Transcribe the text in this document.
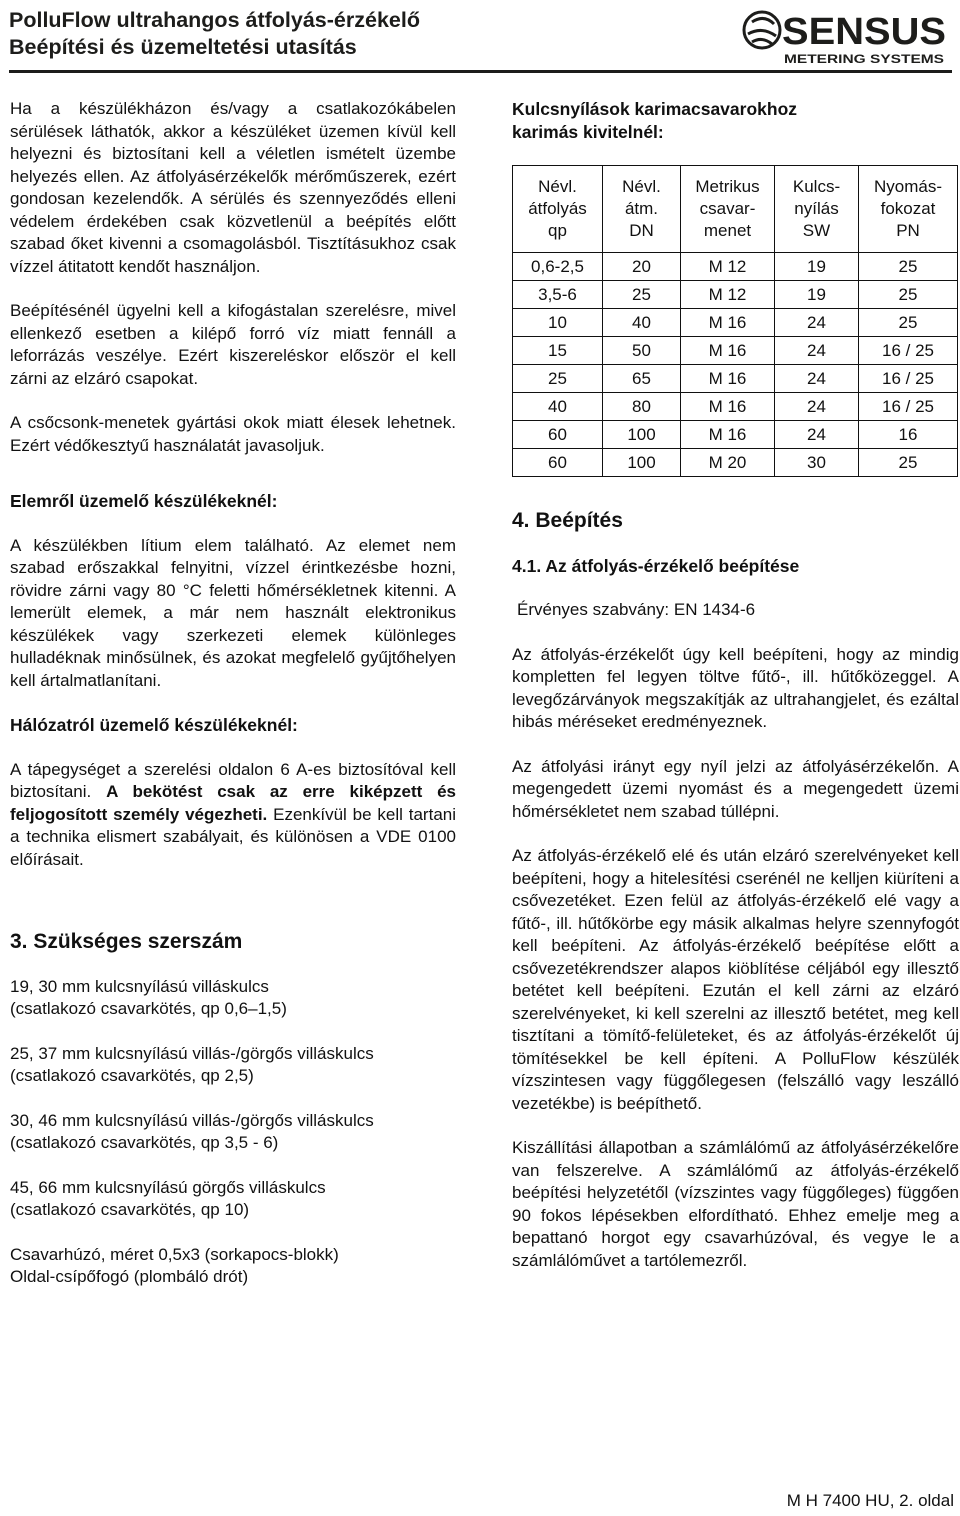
PolluFlow ultrahangos átfolyás-érzékelő
Beépítési és üzemeltetési utasítás	SENSUS
METERING SYSTEMS

Ha a készülékházon és/vagy a csatlakozókábelen sérülések láthatók, akkor a készüléket üzemen kívül kell helyezni és biztosítani kell a véletlen ismételt üzembe helyezés ellen. Az átfolyásérzékelők mérőműszerek, ezért gondosan kezelendők. A sérülés és szennyeződés elleni védelem érdekében csak közvetlenül a beépítés előtt szabad őket kivenni a csomagolásból. Tisztításukhoz csak vízzel átitatott kendőt használjon.

Beépítésénél ügyelni kell a kifogástalan szerelésre, mivel ellenkező esetben a kilépő forró víz miatt fennáll a leforrázás veszélye. Ezért kiszereléskor először el kell zárni az elzáró csapokat.

A csőcsonk-menetek gyártási okok miatt élesek lehetnek. Ezért védőkesztyű használatát javasoljuk.

Elemről üzemelő készülékeknél:

A készülékben lítium elem található. Az elemet nem szabad erőszakkal felnyitni, vízzel érintkezésbe hozni, rövidre zárni vagy 80 °C feletti hőmérsékletnek kitenni. A lemerült elemek, a már nem használt elektronikus készülékek vagy szerkezeti elemek különleges hulladéknak minősülnek, és azokat megfelelő gyűjtőhelyen kell ártalmatlanítani.

Hálózatról üzemelő készülékeknél:

A tápegységet a szerelési oldalon 6 A-es biztosítóval kell biztosítani. A bekötést csak az erre kiképzett és feljogosított személy végezheti. Ezenkívül be kell tartani a technika elismert szabályait, és különösen a VDE 0100 előírásait.

3. Szükséges szerszám

19, 30 mm kulcsnyílású villáskulcs
(csatlakozó csavarkötés, qp 0,6–1,5)

25, 37 mm kulcsnyílású villás-/görgős villáskulcs
(csatlakozó csavarkötés, qp 2,5)

30, 46 mm kulcsnyílású villás-/görgős villáskulcs
(csatlakozó csavarkötés, qp 3,5 - 6)

45, 66 mm kulcsnyílású görgős villáskulcs
(csatlakozó csavarkötés, qp 10)

Csavarhúzó, méret 0,5x3 (sorkapocs-blokk)
Oldal-csípőfogó (plombáló drót)

Kulcsnyílások karimacsavarokhoz karimás kivitelnél:
Névl.
átfolyás
qp	Névl.
átm.
DN	Metrikus
csavar-
menet	Kulcs-
nyílás
SW	Nyomás-
fokozat
PN
0,6-2,5	20	M 12	19	25
3,5-6	25	M 12	19	25
10	40	M 16	24	25
15	50	M 16	24	16 / 25
25	65	M 16	24	16 / 25
40	80	M 16	24	16 / 25
60	100	M 16	24	16
60	100	M 20	30	25
4. Beépítés
4.1. Az átfolyás-érzékelő beépítése

Érvényes szabvány: EN 1434-6

Az átfolyás-érzékelőt úgy kell beépíteni, hogy az mindig kompletten fel legyen töltve fűtő-, ill. hűtőközeggel. A levegőzárványok megszakítják az ultrahangjelet, és ezáltal hibás méréseket eredményeznek.

Az átfolyási irányt egy nyíl jelzi az átfolyásérzékelőn. A megengedett üzemi nyomást és a megengedett üzemi hőmérsékletet nem szabad túllépni.

Az átfolyás-érzékelő elé és után elzáró szerelvényeket kell beépíteni, hogy a hitelesítési cserénél ne kelljen kiüríteni a csővezetéket. Ezen felül az átfolyás-érzékelő elé vagy a fűtő-, ill. hűtőkörbe egy másik alkalmas helyre szennyfogót kell beépíteni. Az átfolyás-érzékelő beépítése előtt a csővezetékrendszer alapos kiöblítése céljából egy illesztő betétet kell beépíteni. Ezután el kell zárni az elzáró szerelvényeket, ki kell szerelni az illesztő betétet, meg kell tisztítani a tömítő-felületeket, és az átfolyás-érzékelőt új tömítésekkel be kell építeni. A PolluFlow készülék vízszintesen vagy függőlegesen (felszálló vagy leszálló vezetékbe) is beépíthető.

Kiszállítási állapotban a számlálómű az átfolyásérzékelőre van felszerelve. A számlálómű az átfolyás-érzékelő beépítési helyzetétől (vízszintes vagy függőleges) függően 90 fokos lépésekben elfordítható. Ehhez emelje meg a bepattanó horgot egy csavarhúzóval, és vegye le a számlálóművet a tartólemezről.

M H 7400 HU, 2. oldal
